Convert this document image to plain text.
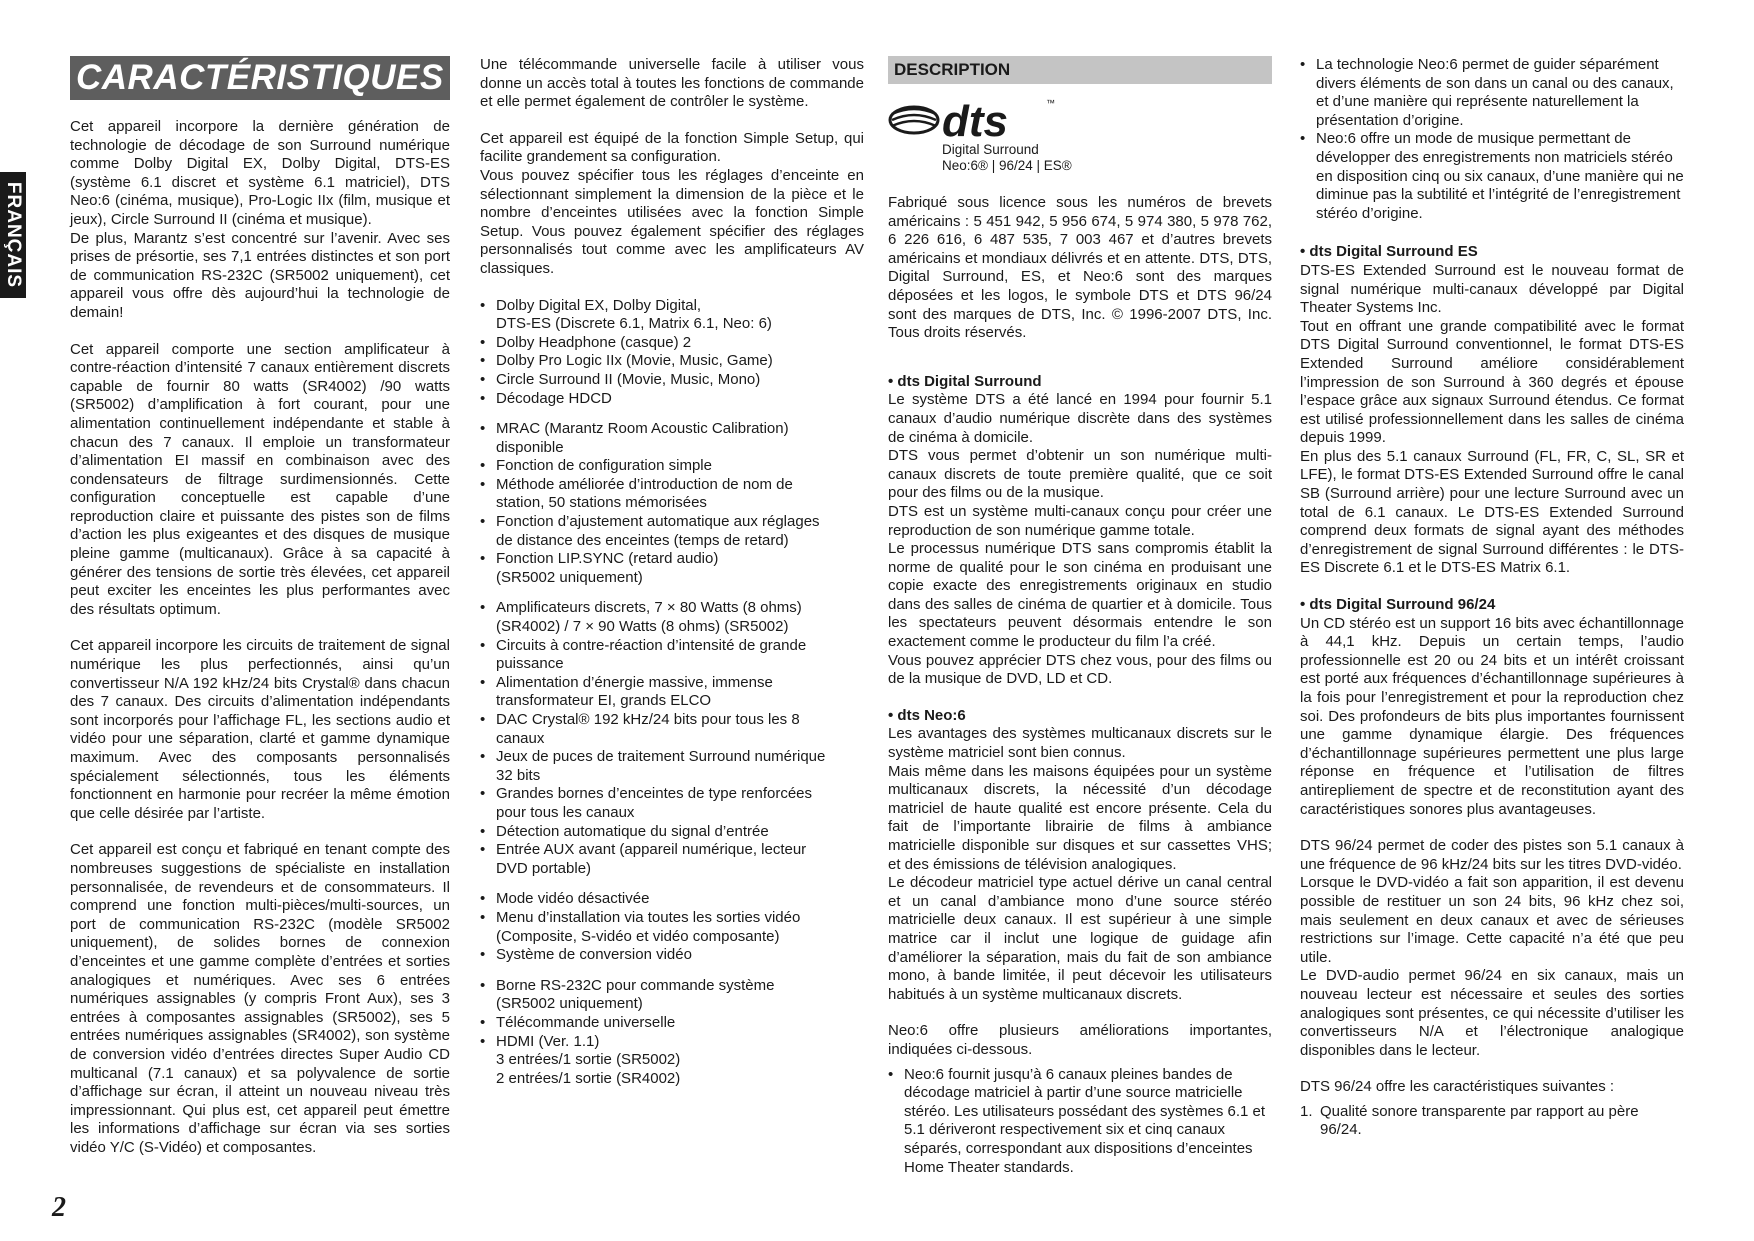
FRANÇAIS
2
CARACTÉRISTIQUES

Cet appareil incorpore la dernière génération de technologie de décodage de son Surround numérique comme Dolby Digital EX, Dolby Digital, DTS-ES (système 6.1 discret et système 6.1 matriciel), DTS Neo:6 (cinéma, musique), Pro-Logic IIx (film, musique et jeux), Circle Surround II (cinéma et musique).

De plus, Marantz s’est concentré sur l’avenir. Avec ses prises de présortie, ses 7,1 entrées distinctes et son port de communication RS-232C (SR5002 uniquement), cet appareil vous offre dès aujourd’hui la technologie de demain!

Cet appareil comporte une section amplificateur à contre-réaction d’intensité 7 canaux entièrement discrets capable de fournir 80 watts (SR4002) /90 watts (SR5002) d’amplification à fort courant, pour une alimentation continuellement indépendante et stable à chacun des 7 canaux. Il emploie un transformateur d’alimentation EI massif en combinaison avec des condensateurs de filtrage surdimensionnés. Cette configuration conceptuelle est capable d’une reproduction claire et puissante des pistes son de films d’action les plus exigeantes et des disques de musique pleine gamme (multicanaux). Grâce à sa capacité à générer des tensions de sortie très élevées, cet appareil peut exciter les enceintes les plus performantes avec des résultats optimum.

Cet appareil incorpore les circuits de traitement de signal numérique les plus perfectionnés, ainsi qu’un convertisseur N/A 192 kHz/24 bits Crystal® dans chacun des 7 canaux. Des circuits d’alimentation indépendants sont incorporés pour l’affichage FL, les sections audio et vidéo pour une séparation, clarté et gamme dynamique maximum. Avec des composants personnalisés spécialement sélectionnés, tous les éléments fonctionnent en harmonie pour recréer la même émotion que celle désirée par l’artiste.

Cet appareil est conçu et fabriqué en tenant compte des nombreuses suggestions de spécialiste en installation personnalisée, de revendeurs et de consommateurs. Il comprend une fonction multi-pièces/multi-sources, un port de communication RS-232C (modèle SR5002 uniquement), de solides bornes de connexion d’enceintes et une gamme complète d’entrées et sorties analogiques et numériques. Avec ses 6 entrées numériques assignables (y compris Front Aux), ses 3 entrées à composantes assignables (SR5002), ses 5 entrées numériques assignables (SR4002), son système de conversion vidéo d’entrées directes Super Audio CD multicanal (7.1 canaux) et sa polyvalence de sortie d’affichage sur écran, il atteint un nouveau niveau très impressionnant. Qui plus est, cet appareil peut émettre les informations d’affichage sur écran via ses sorties vidéo Y/C (S-Vidéo) et composantes.

Une télécommande universelle facile à utiliser vous donne un accès total à toutes les fonctions de commande et elle permet également de contrôler le système.

Cet appareil est équipé de la fonction Simple Setup, qui facilite grandement sa configuration.

Vous pouvez spécifier tous les réglages d’enceinte en sélectionnant simplement la dimension de la pièce et le nombre d’enceintes utilisées avec la fonction Simple Setup. Vous pouvez également spécifier des réglages personnalisés tout comme avec les amplificateurs AV classiques.

• Dolby Digital EX, Dolby Digital,
DTS-ES (Discrete 6.1, Matrix 6.1, Neo: 6)
• Dolby Headphone (casque) 2
• Dolby Pro Logic IIx (Movie, Music, Game)
• Circle Surround II (Movie, Music, Mono)
• Décodage HDCD
• MRAC (Marantz Room Acoustic Calibration)
disponible
• Fonction de configuration simple
• Méthode améliorée d’introduction de nom de
station, 50 stations mémorisées
• Fonction d’ajustement automatique aux réglages
de distance des enceintes (temps de retard)
• Fonction LIP.SYNC (retard audio)
(SR5002 uniquement)
• Amplificateurs discrets, 7 × 80 Watts (8 ohms)
(SR4002) / 7 × 90 Watts (8 ohms) (SR5002)
• Circuits à contre-réaction d’intensité de grande
puissance
• Alimentation d’énergie massive, immense
transformateur EI, grands ELCO
• DAC Crystal® 192 kHz/24 bits pour tous les 8
canaux
• Jeux de puces de traitement Surround numérique
32 bits
• Grandes bornes d’enceintes de type renforcées
pour tous les canaux
• Détection automatique du signal d’entrée
• Entrée AUX avant (appareil numérique, lecteur
DVD portable)
• Mode vidéo désactivée
• Menu d’installation via toutes les sorties vidéo
(Composite, S-vidéo et vidéo composante)
• Système de conversion vidéo
• Borne RS-232C pour commande système
(SR5002 uniquement)
• Télécommande universelle
• HDMI (Ver. 1.1)
3 entrées/1 sortie (SR5002)
2 entrées/1 sortie (SR4002)
DESCRIPTION
dts	™
Digital Surround
Neo:6® | 96/24 | ES®

Fabriqué sous licence sous les numéros de brevets américains : 5 451 942, 5 956 674, 5 974 380, 5 978 762, 6 226 616, 6 487 535, 7 003 467 et d’autres brevets américains et mondiaux délivrés et en attente. DTS, DTS, Digital Surround, ES, et Neo:6 sont des marques déposées et les logos, le symbole DTS et DTS 96/24 sont des marques de DTS, Inc. © 1996-2007 DTS, Inc. Tous droits réservés.

• dts Digital Surround

Le système DTS a été lancé en 1994 pour fournir 5.1 canaux d’audio numérique discrète dans des systèmes de cinéma à domicile.

DTS vous permet d’obtenir un son numérique multi-canaux discrets de toute première qualité, que ce soit pour des films ou de la musique.

DTS est un système multi-canaux conçu pour créer une reproduction de son numérique gamme totale.

Le processus numérique DTS sans compromis établit la norme de qualité pour le son cinéma en produisant une copie exacte des enregistrements originaux en studio dans des salles de cinéma de quartier et à domicile. Tous les spectateurs peuvent désormais entendre le son exactement comme le producteur du film l’a créé.

Vous pouvez apprécier DTS chez vous, pour des films ou de la musique de DVD, LD et CD.

• dts Neo:6

Les avantages des systèmes multicanaux discrets sur le système matriciel sont bien connus.

Mais même dans les maisons équipées pour un système multicanaux discrets, la nécessité d’un décodage matriciel de haute qualité est encore présente. Cela du fait de l’importante librairie de films à ambiance matricielle disponible sur disques et sur cassettes VHS; et des émissions de télévision analogiques.

Le décodeur matriciel type actuel dérive un canal central et un canal d’ambiance mono d’une source stéréo matricielle deux canaux. Il est supérieur à une simple matrice car il inclut une logique de guidage afin d’améliorer la séparation, mais du fait de son ambiance mono, à bande limitée, il peut décevoir les utilisateurs habitués à un système multicanaux discrets.

Neo:6 offre plusieurs améliorations importantes, indiquées ci-dessous.

• Neo:6 fournit jusqu’à 6 canaux pleines bandes de décodage matriciel à partir d’une source matricielle stéréo. Les utilisateurs possédant des systèmes 6.1 et 5.1 dériveront respectivement six et cinq canaux séparés, correspondant aux dispositions d’enceintes Home Theater standards.
• La technologie Neo:6 permet de guider séparément divers éléments de son dans un canal ou des canaux, et d’une manière qui représente naturellement la présentation d’origine.
• Neo:6 offre un mode de musique permettant de développer des enregistrements non matriciels stéréo en disposition cinq ou six canaux, d’une manière qui ne diminue pas la subtilité et l’intégrité de l’enregistrement stéréo d’origine.
• dts Digital Surround ES

DTS-ES Extended Surround est le nouveau format de signal numérique multi-canaux développé par Digital Theater Systems Inc.

Tout en offrant une grande compatibilité avec le format DTS Digital Surround conventionnel, le format DTS-ES Extended Surround améliore considérablement l’impression de son Surround à 360 degrés et épouse l’espace grâce aux signaux Surround étendus. Ce format est utilisé professionnellement dans les salles de cinéma depuis 1999.

En plus des 5.1 canaux Surround (FL, FR, C, SL, SR et LFE), le format DTS-ES Extended Surround offre le canal SB (Surround arrière) pour une lecture Surround avec un total de 6.1 canaux. Le DTS-ES Extended Surround comprend deux formats de signal ayant des méthodes d’enregistrement de signal Surround différentes : le DTS-ES Discrete 6.1 et le DTS-ES Matrix 6.1.

• dts Digital Surround 96/24

Un CD stéréo est un support 16 bits avec échantillonnage à 44,1 kHz. Depuis un certain temps, l’audio professionnelle est 20 ou 24 bits et un intérêt croissant est porté aux fréquences d’échantillonnage supérieures à la fois pour l’enregistrement et pour la reproduction chez soi. Des profondeurs de bits plus importantes fournissent une gamme dynamique élargie. Des fréquences d’échantillonnage supérieures permettent une plus large réponse en fréquence et l’utilisation de filtres antirepliement de spectre et de reconstitution ayant des caractéristiques sonores plus avantageuses.

DTS 96/24 permet de coder des pistes son 5.1 canaux à une fréquence de 96 kHz/24 bits sur les titres DVD-vidéo.

Lorsque le DVD-vidéo a fait son apparition, il est devenu possible de restituer un son 24 bits, 96 kHz chez soi, mais seulement en deux canaux et avec de sérieuses restrictions sur l’image. Cette capacité n’a été que peu utile.

Le DVD-audio permet 96/24 en six canaux, mais un nouveau lecteur est nécessaire et seules des sorties analogiques sont présentes, ce qui nécessite d’utiliser les convertisseurs N/A et l’électronique analogique disponibles dans le lecteur.

DTS 96/24 offre les caractéristiques suivantes :

1. Qualité sonore transparente par rapport au père 96/24.
